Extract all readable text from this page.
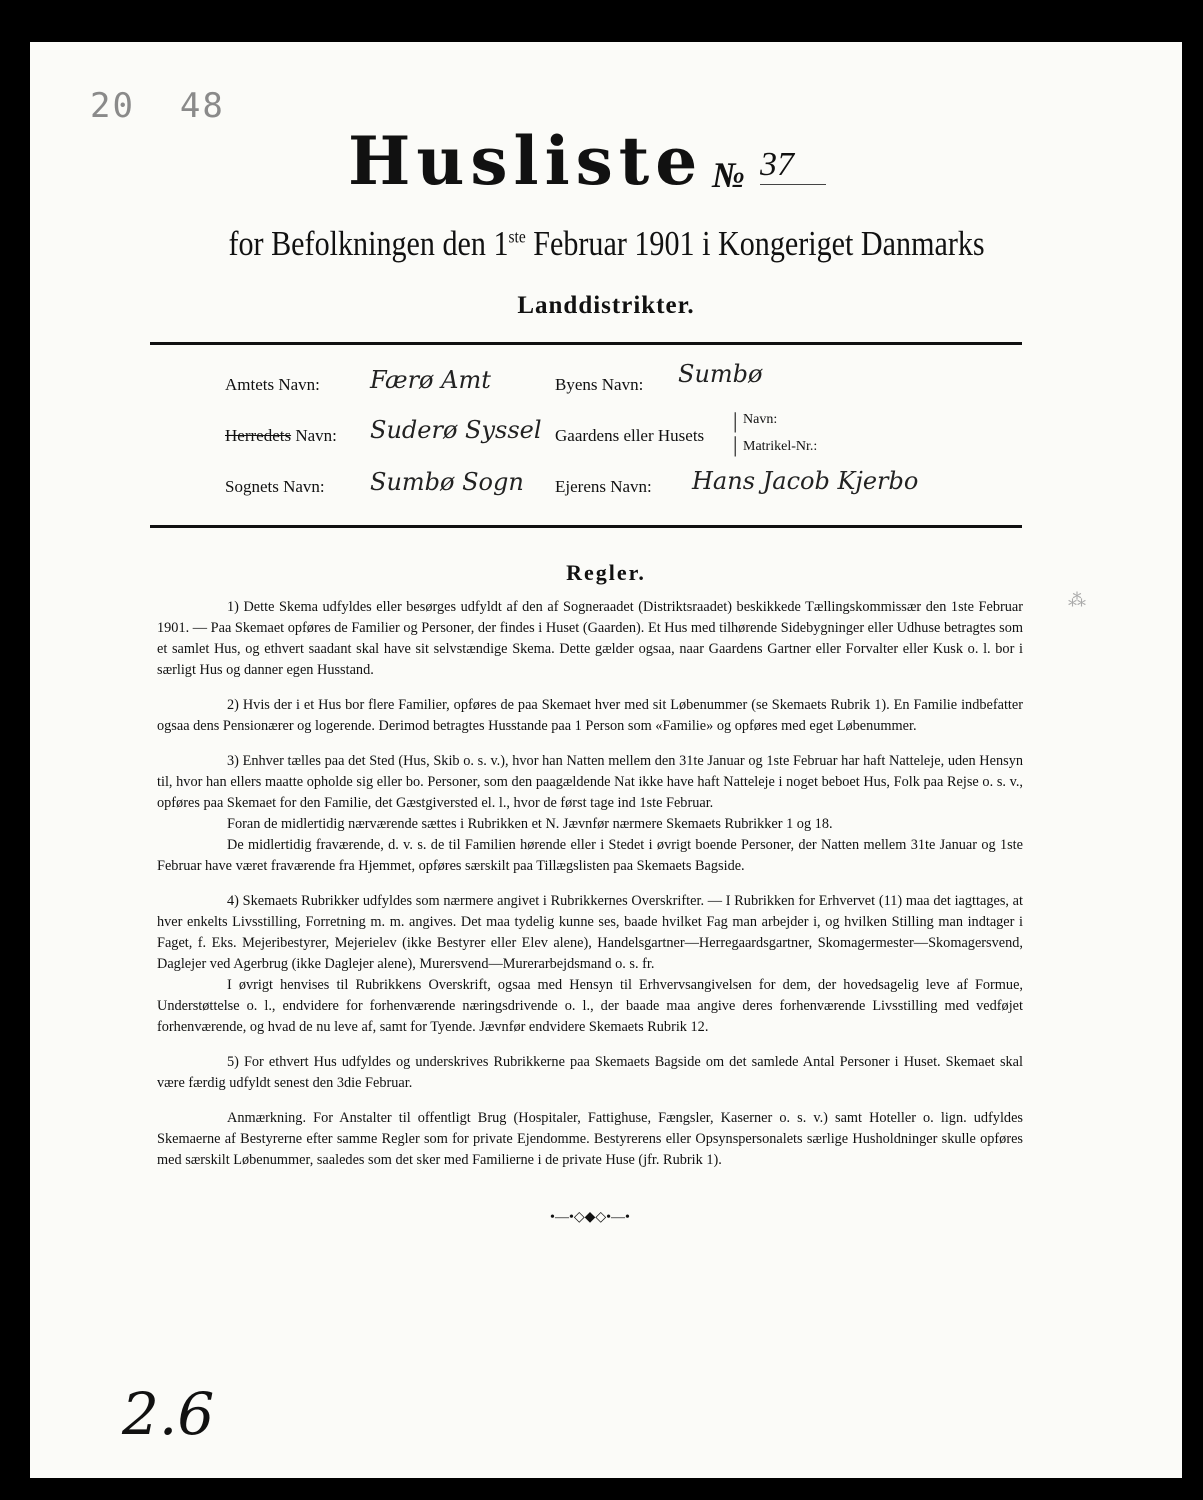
20  48
Husliste № 37
for Befolkningen den 1ste Februar 1901 i Kongeriget Danmarks
Landdistrikter.
Amtets Navn: Færø Amt	Byens Navn: Sumbø
Herredets Navn: Suderø Syssel Gaardens eller Husets
|
|
Navn:
Matrikel-Nr.:
Sognets Navn: Sumbø Sogn Ejerens Navn: Hans Jacob Kjerbo
Regler.
⁂

1) Dette Skema udfyldes eller besørges udfyldt af den af Sogneraadet (Distriktsraadet) beskikkede Tællingskommissær den 1ste Februar 1901. — Paa Skemaet opføres de Familier og Personer, der findes i Huset (Gaarden). Et Hus med tilhørende Sidebygninger eller Udhuse betragtes som et samlet Hus, og ethvert saadant skal have sit selvstændige Skema. Dette gælder ogsaa, naar Gaardens Gartner eller Forvalter eller Kusk o. l. bor i særligt Hus og danner egen Husstand.

2) Hvis der i et Hus bor flere Familier, opføres de paa Skemaet hver med sit Løbenummer (se Skemaets Rubrik 1). En Familie indbefatter ogsaa dens Pensionærer og logerende. Derimod betragtes Husstande paa 1 Person som «Familie» og opføres med eget Løbenummer.

3) Enhver tælles paa det Sted (Hus, Skib o. s. v.), hvor han Natten mellem den 31te Januar og 1ste Februar har haft Natteleje, uden Hensyn til, hvor han ellers maatte opholde sig eller bo. Personer, som den paagældende Nat ikke have haft Natteleje i noget beboet Hus, Folk paa Rejse o. s. v., opføres paa Skemaet for den Familie, det Gæstgiversted el. l., hvor de først tage ind 1ste Februar.

Foran de midlertidig nærværende sættes i Rubrikken et N. Jævnfør nærmere Skemaets Rubrikker 1 og 18.

De midlertidig fraværende, d. v. s. de til Familien hørende eller i Stedet i øvrigt boende Personer, der Natten mellem 31te Januar og 1ste Februar have været fraværende fra Hjemmet, opføres særskilt paa Tillægslisten paa Skemaets Bagside.

4) Skemaets Rubrikker udfyldes som nærmere angivet i Rubrikkernes Overskrifter. — I Rubrikken for Erhvervet (11) maa det iagttages, at hver enkelts Livsstilling, Forretning m. m. angives. Det maa tydelig kunne ses, baade hvilket Fag man arbejder i, og hvilken Stilling man indtager i Faget, f. Eks. Mejeribestyrer, Mejerielev (ikke Bestyrer eller Elev alene), Handelsgartner—Herregaardsgartner, Skomagermester—Skomagersvend, Daglejer ved Agerbrug (ikke Daglejer alene), Murersvend—Murerarbejdsmand o. s. fr.

I øvrigt henvises til Rubrikkens Overskrift, ogsaa med Hensyn til Erhvervsangivelsen for dem, der hovedsagelig leve af Formue, Understøttelse o. l., endvidere for forhenværende næringsdrivende o. l., der baade maa angive deres forhenværende Livsstilling med vedføjet forhenværende, og hvad de nu leve af, samt for Tyende. Jævnfør endvidere Skemaets Rubrik 12.

5) For ethvert Hus udfyldes og underskrives Rubrikkerne paa Skemaets Bagside om det samlede Antal Personer i Huset. Skemaet skal være færdig udfyldt senest den 3die Februar.

Anmærkning. For Anstalter til offentligt Brug (Hospitaler, Fattighuse, Fængsler, Kaserner o. s. v.) samt Hoteller o. lign. udfyldes Skemaerne af Bestyrerne efter samme Regler som for private Ejendomme. Bestyrerens eller Opsynspersonalets særlige Husholdninger skulle opføres med særskilt Løbenummer, saaledes som det sker med Familierne i de private Huse (jfr. Rubrik 1).

•—•◇◆◇•—•
2.6
